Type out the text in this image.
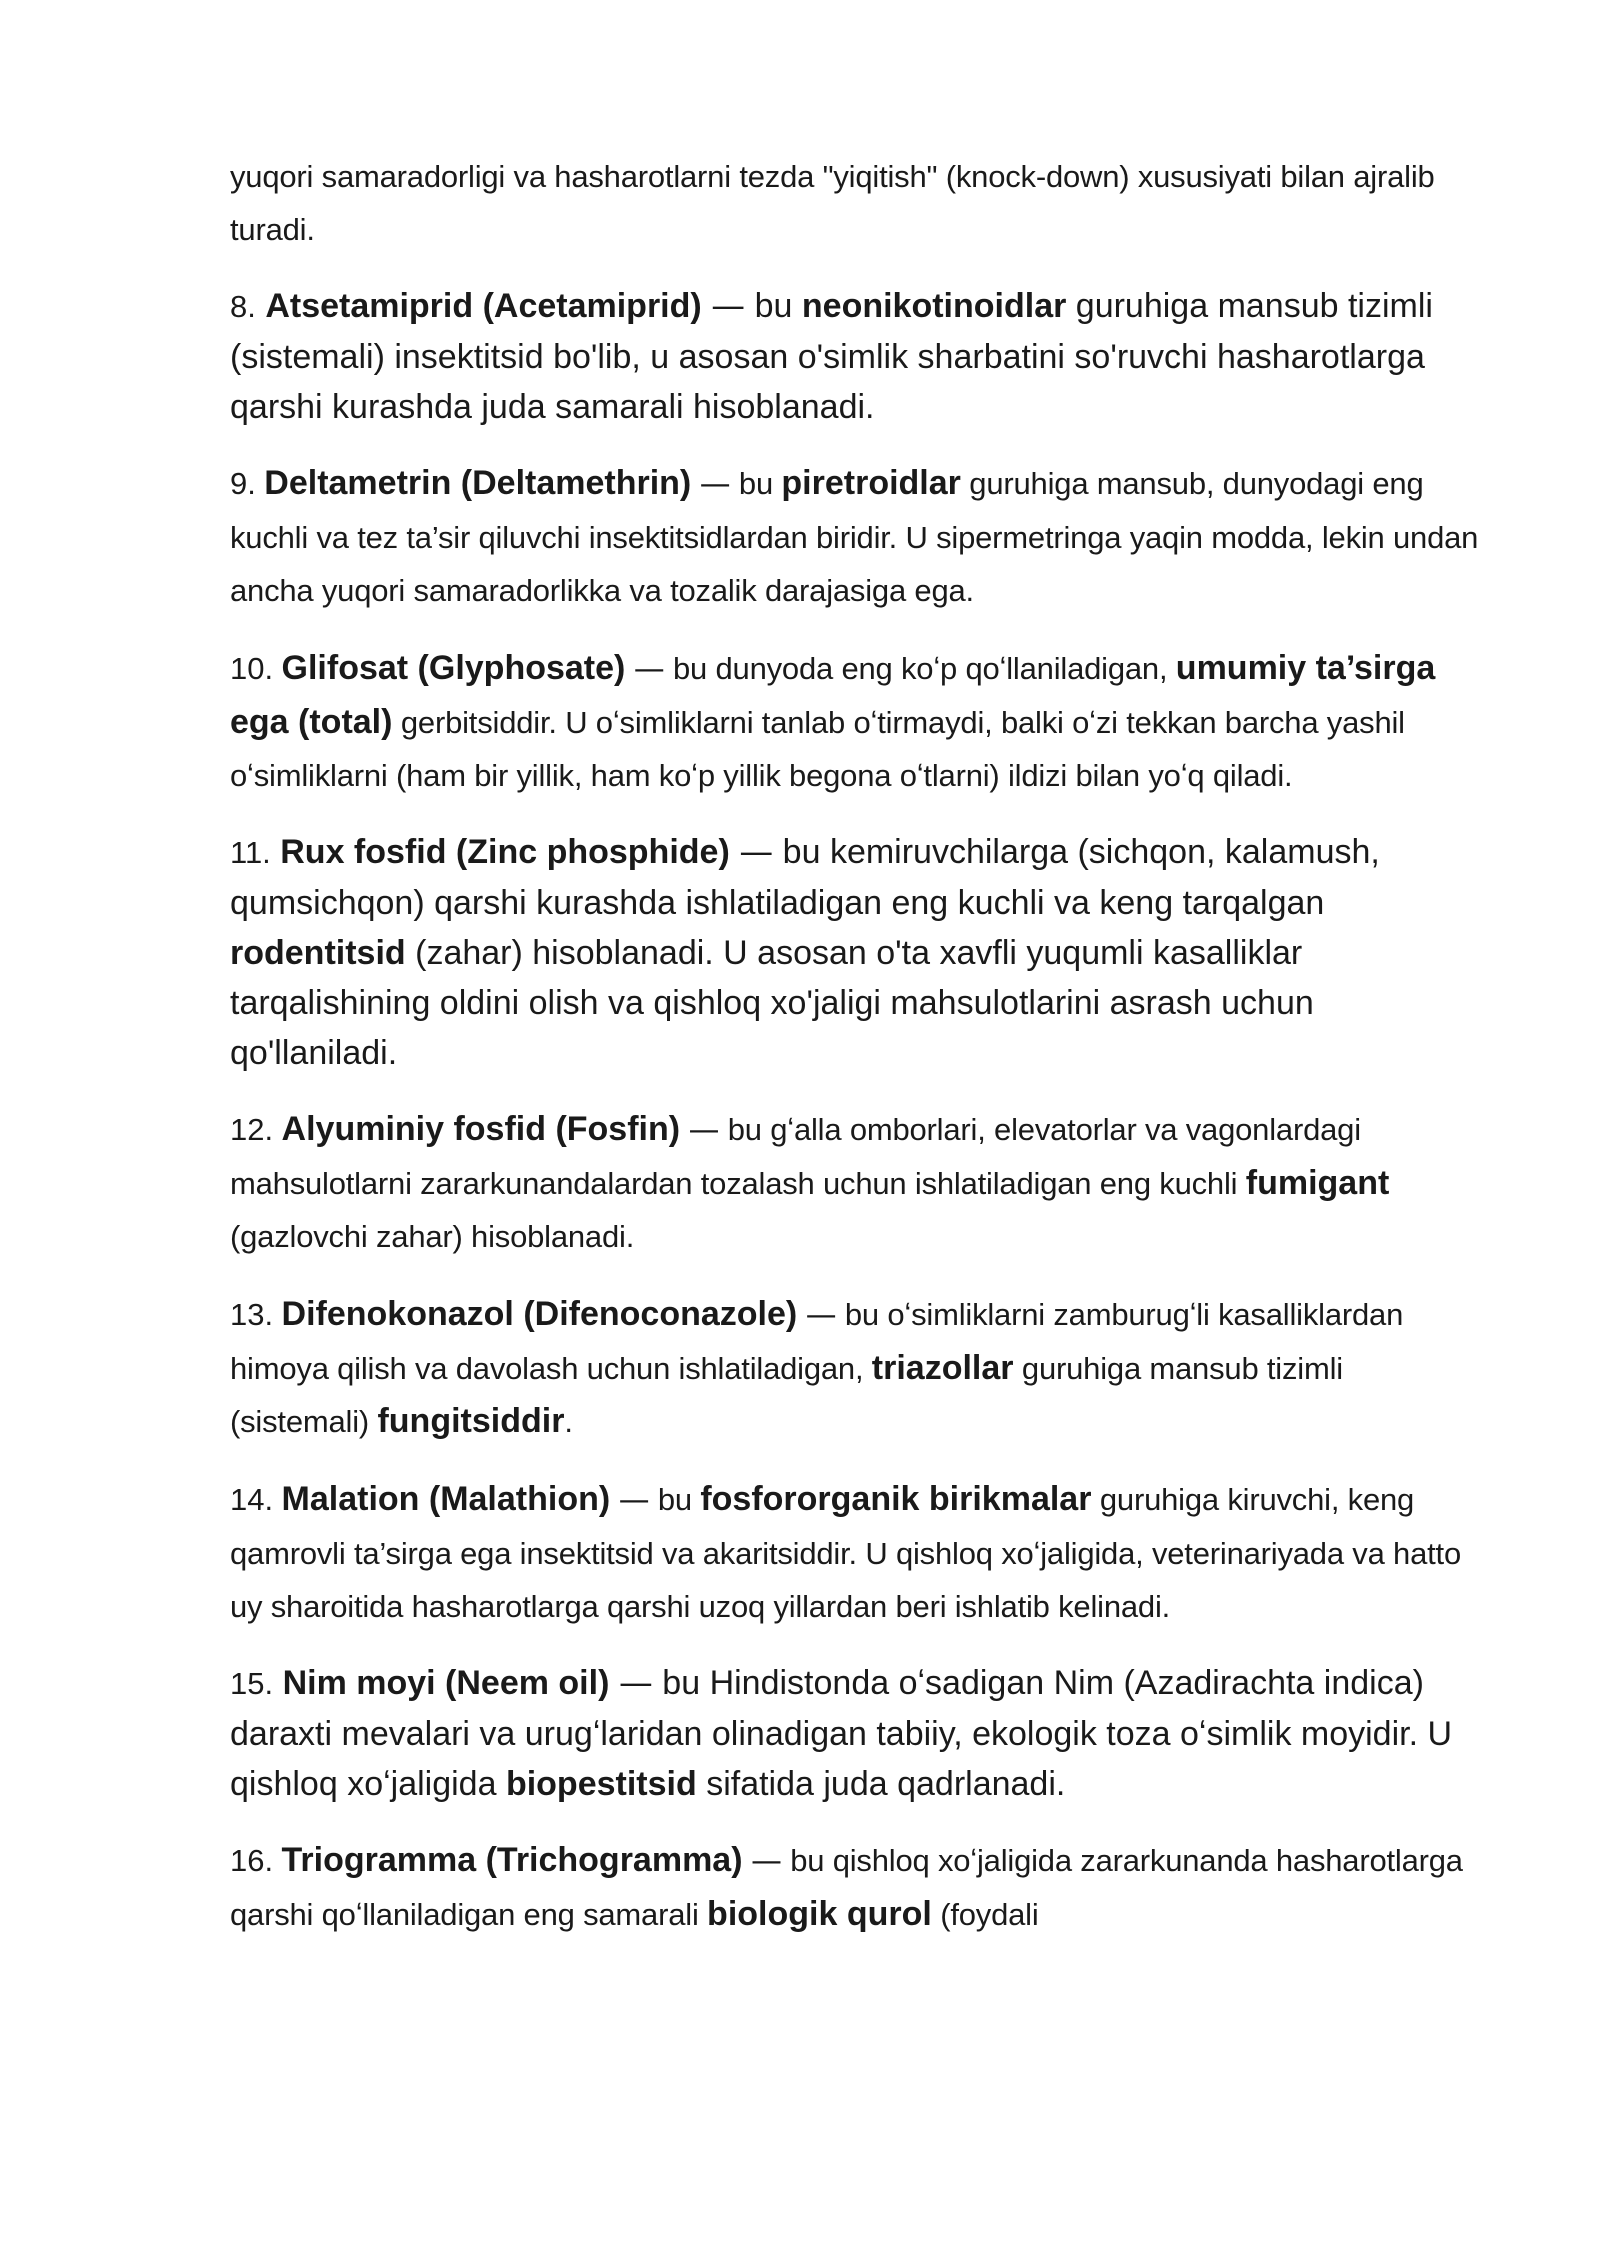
yuqori samaradorligi va hasharotlarni tezda "yiqitish" (knock-down) xususiyati bilan ajralib turadi.

8. Atsetamiprid (Acetamiprid) — bu neonikotinoidlar guruhiga mansub tizimli (sistemali) insektitsid bo'lib, u asosan o'simlik sharbatini so'ruvchi hasharotlarga qarshi kurashda juda samarali hisoblanadi.

9. Deltametrin (Deltamethrin) — bu piretroidlar guruhiga mansub, dunyodagi eng kuchli va tez ta’sir qiluvchi insektitsidlardan biridir. U sipermetringa yaqin modda, lekin undan ancha yuqori samaradorlikka va tozalik darajasiga ega.

10. Glifosat (Glyphosate) — bu dunyoda eng koʻp qoʻllaniladigan, umumiy ta’sirga ega (total) gerbitsiddir. U oʻsimliklarni tanlab oʻtirmaydi, balki oʻzi tekkan barcha yashil oʻsimliklarni (ham bir yillik, ham koʻp yillik begona oʻtlarni) ildizi bilan yoʻq qiladi.

11. Rux fosfid (Zinc phosphide) — bu kemiruvchilarga (sichqon, kalamush, qumsichqon) qarshi kurashda ishlatiladigan eng kuchli va keng tarqalgan rodentitsid (zahar) hisoblanadi. U asosan o'ta xavfli yuqumli kasalliklar tarqalishining oldini olish va qishloq xo'jaligi mahsulotlarini asrash uchun qo'llaniladi.

12. Alyuminiy fosfid (Fosfin) — bu gʻalla omborlari, elevatorlar va vagonlardagi mahsulotlarni zararkunandalardan tozalash uchun ishlatiladigan eng kuchli fumigant (gazlovchi zahar) hisoblanadi.

13. Difenokonazol (Difenoconazole) — bu oʻsimliklarni zamburugʻli kasalliklardan himoya qilish va davolash uchun ishlatiladigan, triazollar guruhiga mansub tizimli (sistemali) fungitsiddir.

14. Malation (Malathion) — bu fosfororganik birikmalar guruhiga kiruvchi, keng qamrovli ta’sirga ega insektitsid va akaritsiddir. U qishloq xoʻjaligida, veterinariyada va hatto uy sharoitida hasharotlarga qarshi uzoq yillardan beri ishlatib kelinadi.

15. Nim moyi (Neem oil) — bu Hindistonda oʻsadigan Nim (Azadirachta indica) daraxti mevalari va urugʻlaridan olinadigan tabiiy, ekologik toza oʻsimlik moyidir. U qishloq xoʻjaligida biopestitsid sifatida juda qadrlanadi.

16. Triogramma (Trichogramma) — bu qishloq xoʻjaligida zararkunanda hasharotlarga qarshi qoʻllaniladigan eng samarali biologik qurol (foydali
